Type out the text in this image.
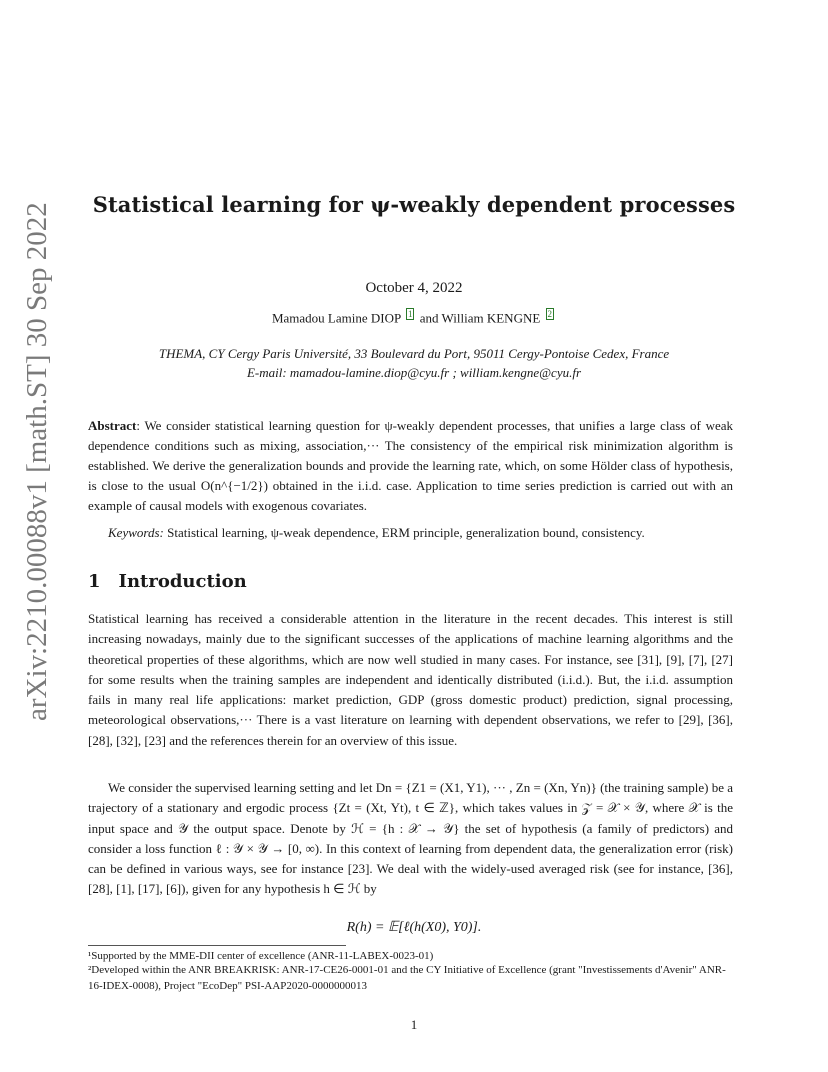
arXiv:2210.00088v1 [math.ST] 30 Sep 2022	Statistical learning for ψ-weakly dependent processes
October 4, 2022
Mamadou Lamine DIOP $^1$ and William KENGNE $^2$
THEMA, CY Cergy Paris Université, 33 Boulevard du Port, 95011 Cergy-Pontoise Cedex, France
E-mail: mamadou-lamine.diop@cyu.fr ; william.kengne@cyu.fr
Abstract: We consider statistical learning question for ψ-weakly dependent processes, that unifies a large class of weak dependence conditions such as mixing, association,··· The consistency of the empirical risk minimization algorithm is established. We derive the generalization bounds and provide the learning rate, which, on some Hölder class of hypothesis, is close to the usual O(n^{−1/2}) obtained in the i.i.d. case. Application to time series prediction is carried out with an example of causal models with exogenous covariates.
Keywords: Statistical learning, ψ-weak dependence, ERM principle, generalization bound, consistency.
1 Introduction
Statistical learning has received a considerable attention in the literature in the recent decades. This interest is still increasing nowadays, mainly due to the significant successes of the applications of machine learning algorithms and the theoretical properties of these algorithms, which are now well studied in many cases. For instance, see [31], [9], [7], [27] for some results when the training samples are independent and identically distributed (i.i.d.). But, the i.i.d. assumption fails in many real life applications: market prediction, GDP (gross domestic product) prediction, signal processing, meteorological observations,··· There is a vast literature on learning with dependent observations, we refer to [29], [36], [28], [32], [23] and the references therein for an overview of this issue.
We consider the supervised learning setting and let Dn = {Z1 = (X1, Y1), ··· , Zn = (Xn, Yn)} (the training sample) be a trajectory of a stationary and ergodic process {Zt = (Xt, Yt), t ∈ ℤ}, which takes values in 𝒵 = 𝒳 × 𝒴, where 𝒳 is the input space and 𝒴 the output space. Denote by ℋ = {h : 𝒳 → 𝒴} the set of hypothesis (a family of predictors) and consider a loss function ℓ : 𝒴 × 𝒴 → [0, ∞). In this context of learning from dependent data, the generalization error (risk) can be defined in various ways, see for instance [23]. We deal with the widely-used averaged risk (see for instance, [36], [28], [1], [17], [6]), given for any hypothesis h ∈ ℋ by
R(h) = 𝔼[ℓ(h(X0), Y0)].
¹Supported by the MME-DII center of excellence (ANR-11-LABEX-0023-01)
²Developed within the ANR BREAKRISK: ANR-17-CE26-0001-01 and the CY Initiative of Excellence (grant "Investissements d'Avenir" ANR-16-IDEX-0008), Project "EcoDep" PSI-AAP2020-0000000013
1
